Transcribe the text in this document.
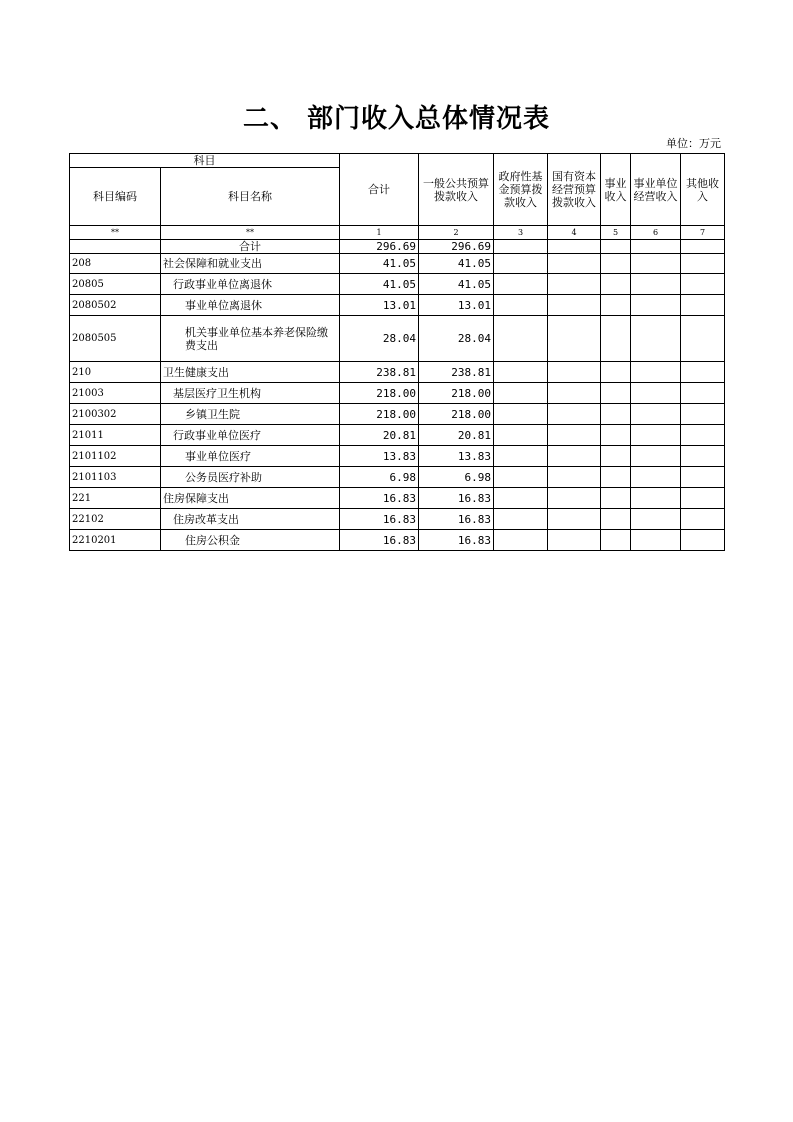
二、 部门收入总体情况表
单位：万元
科目		合计	一般公共预算拨款收入	政府性基金预算拨款收入	国有资本经营预算拨款收入	事业收入	事业单位经营收入	其他收入
科目编码	科目名称							
**	**	1	2	3	4	5	6	7
	合计	296.69	296.69					
208	社会保障和就业支出	41.05	41.05					
20805	行政事业单位离退休	41.05	41.05					
2080502	事业单位离退休	13.01	13.01					
2080505	机关事业单位基本养老保险缴费支出	28.04	28.04					
210	卫生健康支出	238.81	238.81					
21003	基层医疗卫生机构	218.00	218.00					
2100302	乡镇卫生院	218.00	218.00					
21011	行政事业单位医疗	20.81	20.81					
2101102	事业单位医疗	13.83	13.83					
2101103	公务员医疗补助	6.98	6.98					
221	住房保障支出	16.83	16.83					
22102	住房改革支出	16.83	16.83					
2210201	住房公积金	16.83	16.83					
